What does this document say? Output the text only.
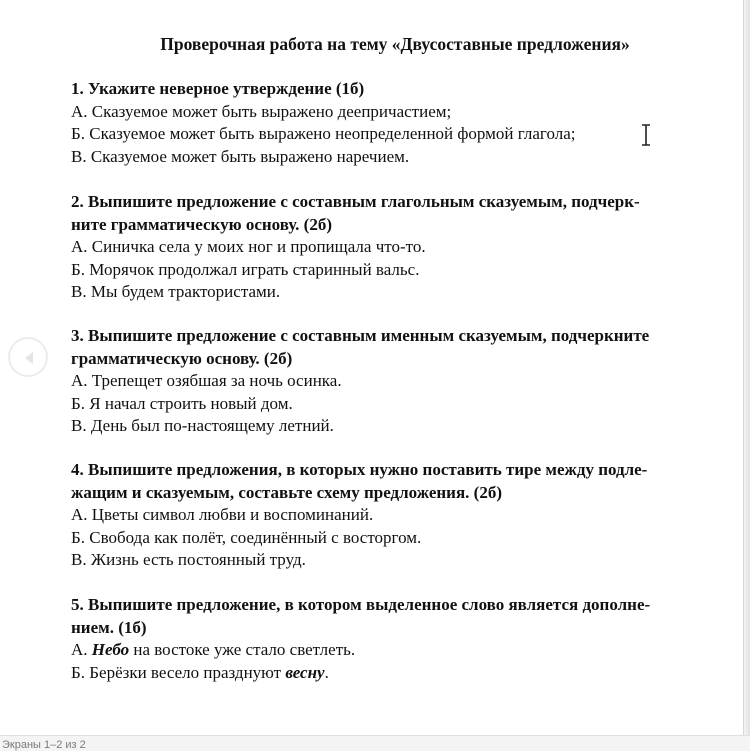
Проверочная работа на тему «Двусоставные предложения»
1. Укажите неверное утверждение (1б)
А. Сказуемое может быть выражено деепричастием;
Б. Сказуемое может быть выражено неопределенной формой глагола;
В. Сказуемое может быть выражено наречием.
2. Выпишите предложение с составным глагольным сказуемым, подчерк-
ните грамматическую основу. (2б)
А. Синичка села у моих ног и пропищала что-то.
Б. Морячок продолжал играть старинный вальс.
В. Мы будем трактористами.
3. Выпишите предложение с составным именным сказуемым, подчеркните
грамматическую основу. (2б)
А. Трепещет озябшая за ночь осинка.
Б. Я начал строить новый дом.
В. День был по-настоящему летний.
4. Выпишите предложения, в которых нужно поставить тире между подле-
жащим и сказуемым, составьте схему предложения. (2б)
А. Цветы символ любви и воспоминаний.
Б. Свобода как полёт, соединённый с восторгом.
В. Жизнь есть постоянный труд.
5. Выпишите предложение, в котором выделенное слово является дополне-
нием. (1б)
А. Небо на востоке уже стало светлеть.
Б. Берёзки весело празднуют весну.
Экраны 1–2 из 2
